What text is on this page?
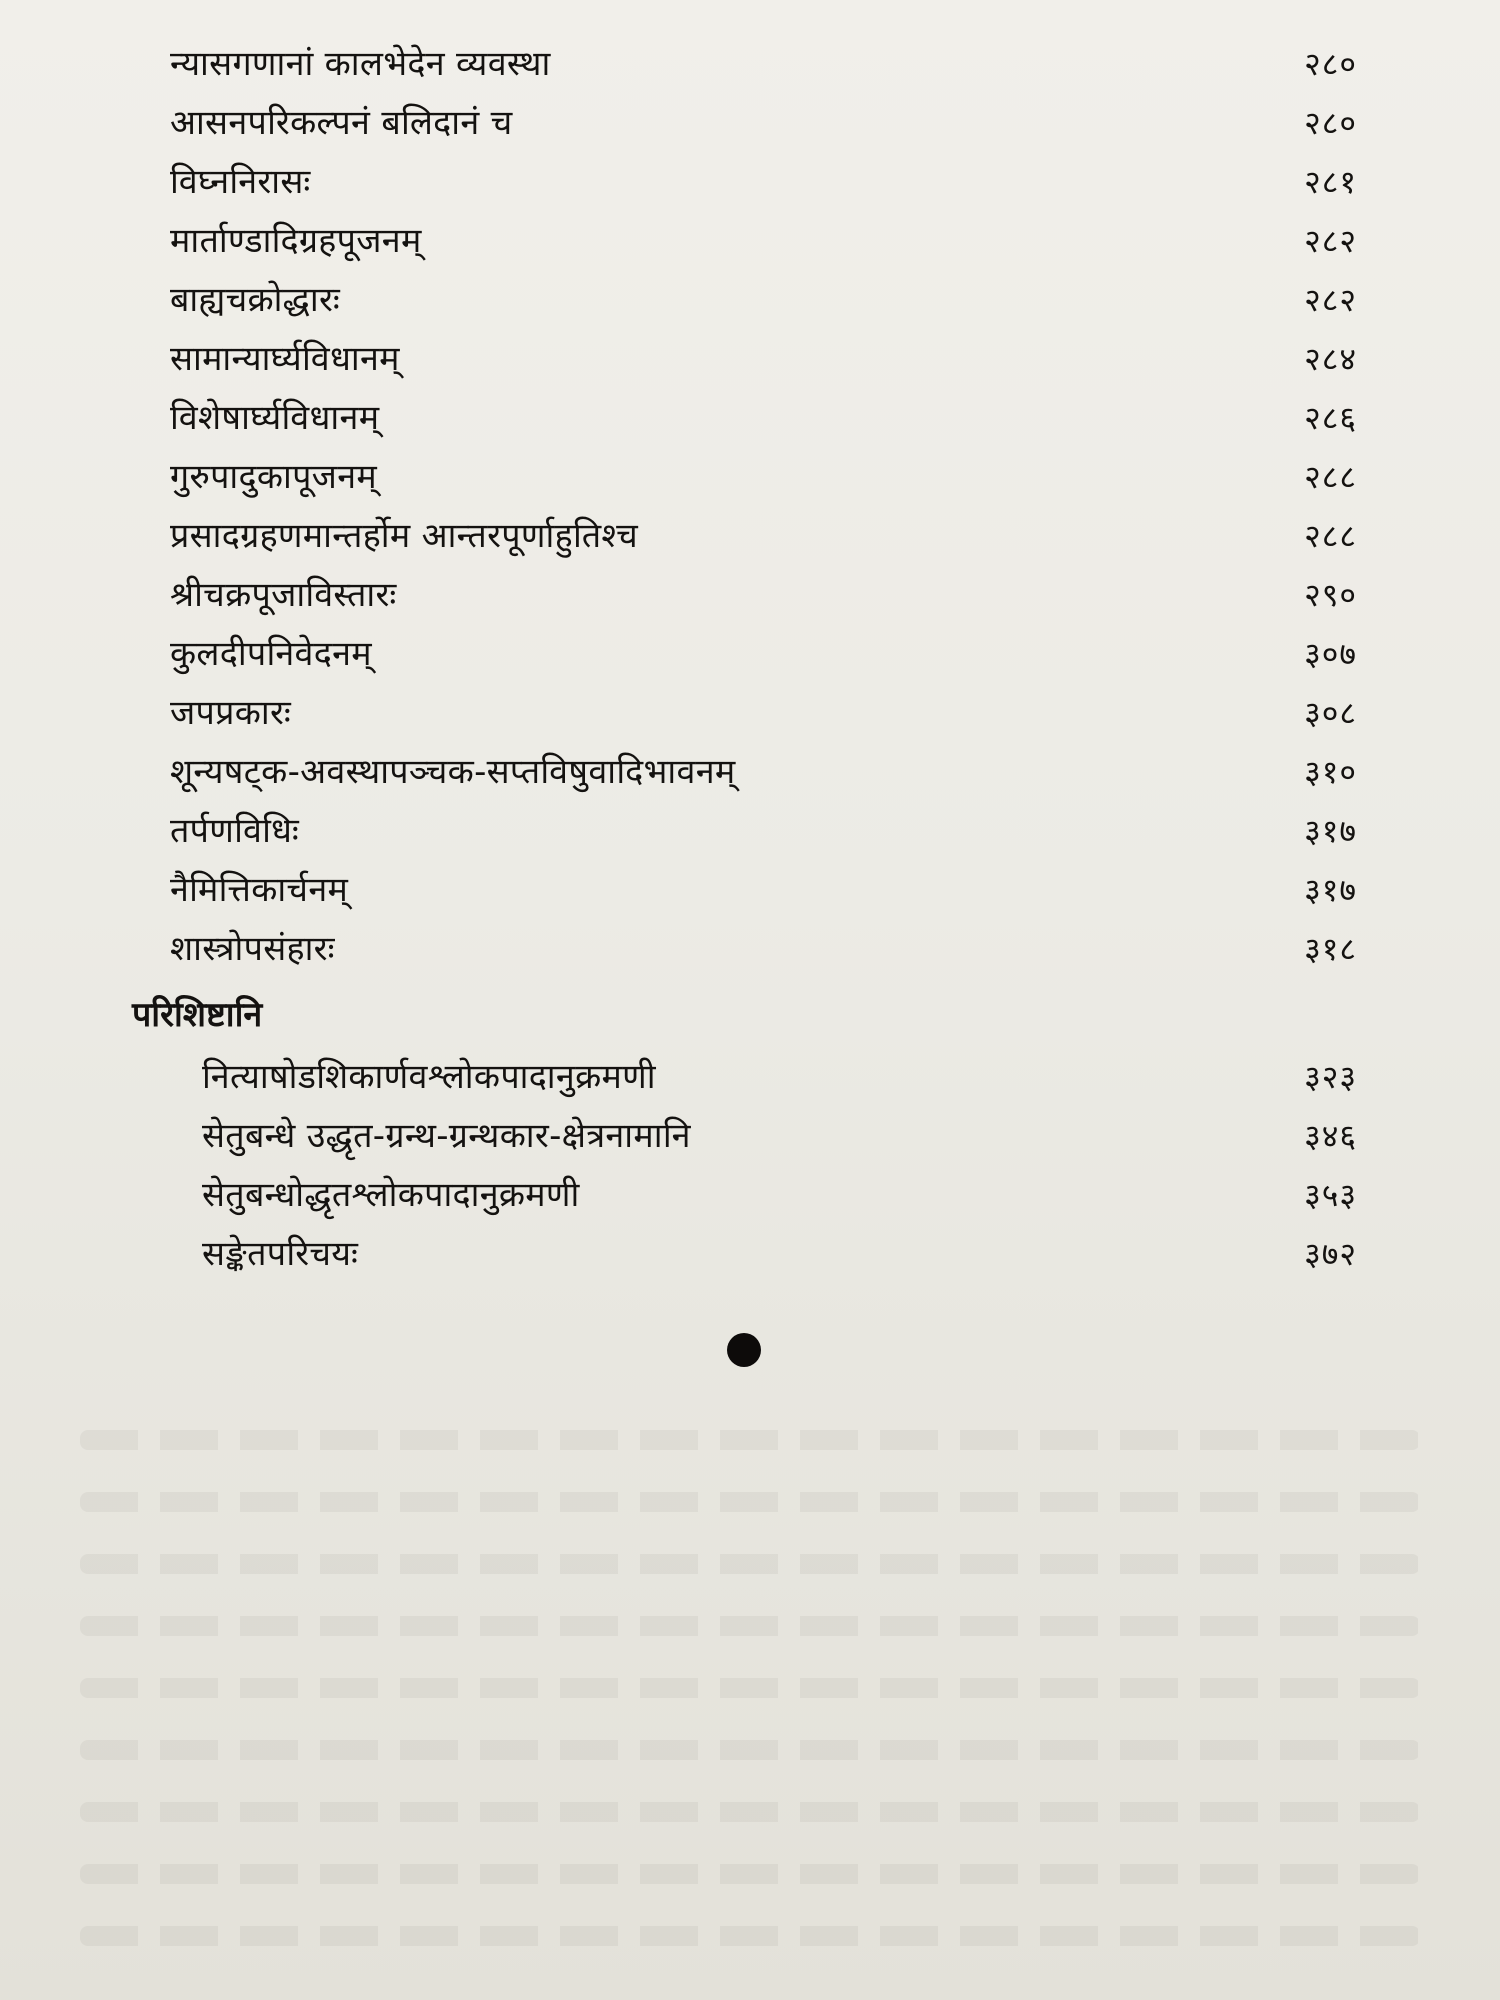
न्यासगणानां कालभेदेन व्यवस्था	२८०
आसनपरिकल्पनं बलिदानं च	२८०
विघ्ननिरासः	२८१
मार्ताण्डादिग्रहपूजनम्	२८२
बाह्यचक्रोद्धारः	२८२
सामान्यार्घ्यविधानम्	२८४
विशेषार्घ्यविधानम्	२८६
गुरुपादुकापूजनम्	२८८
प्रसादग्रहणमान्तर्होम आन्तरपूर्णाहुतिश्च	२८८
श्रीचक्रपूजाविस्तारः	२९०
कुलदीपनिवेदनम्	३०७
जपप्रकारः	३०८
शून्यषट्क-अवस्थापञ्चक-सप्तविषुवादिभावनम्	३१०
तर्पणविधिः	३१७
नैमित्तिकार्चनम्	३१७
शास्त्रोपसंहारः	३१८
परिशिष्टानि
नित्याषोडशिकार्णवश्लोकपादानुक्रमणी	३२३
सेतुबन्धे उद्धृत-ग्रन्थ-ग्रन्थकार-क्षेत्रनामानि	३४६
सेतुबन्धोद्धृतश्लोकपादानुक्रमणी	३५३
सङ्केतपरिचयः	३७२
